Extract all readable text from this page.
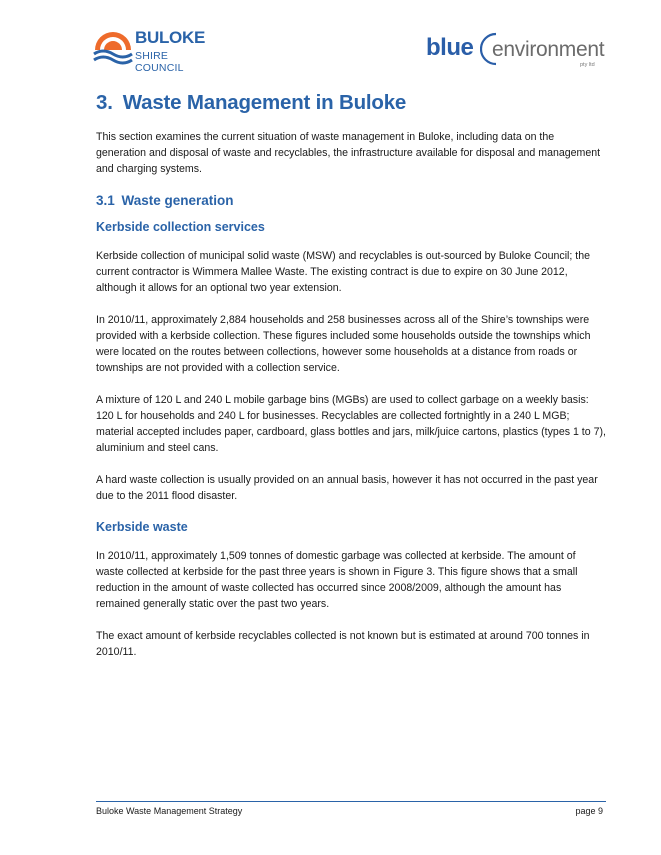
BULOKE
SHIRE COUNCIL
blue environment
pty ltd
3. Waste Management in Buloke

This section examines the current situation of waste management in Buloke, including data on the generation and disposal of waste and recyclables, the infrastructure available for disposal and management and charging systems.

3.1 Waste generation
Kerbside collection services

Kerbside collection of municipal solid waste (MSW) and recyclables is out-sourced by Buloke Council; the current contractor is Wimmera Mallee Waste. The existing contract is due to expire on 30 June 2012, although it allows for an optional two year extension.

In 2010/11, approximately 2,884 households and 258 businesses across all of the Shire’s townships were provided with a kerbside collection. These figures included some households outside the townships which were located on the routes between collections, however some households at a distance from roads or townships are not provided with a collection service.

A mixture of 120 L and 240 L mobile garbage bins (MGBs) are used to collect garbage on a weekly basis: 120 L for households and 240 L for businesses. Recyclables are collected fortnightly in a 240 L MGB; material accepted includes paper, cardboard, glass bottles and jars, milk/juice cartons, plastics (types 1 to 7), aluminium and steel cans.

A hard waste collection is usually provided on an annual basis, however it has not occurred in the past year due to the 2011 flood disaster.

Kerbside waste

In 2010/11, approximately 1,509 tonnes of domestic garbage was collected at kerbside. The amount of waste collected at kerbside for the past three years is shown in Figure 3. This figure shows that a small reduction in the amount of waste collected has occurred since 2008/2009, although the amount has remained generally static over the past two years.

The exact amount of kerbside recyclables collected is not known but is estimated at around 700 tonnes in 2010/11.

Buloke Waste Management Strategy	page 9
